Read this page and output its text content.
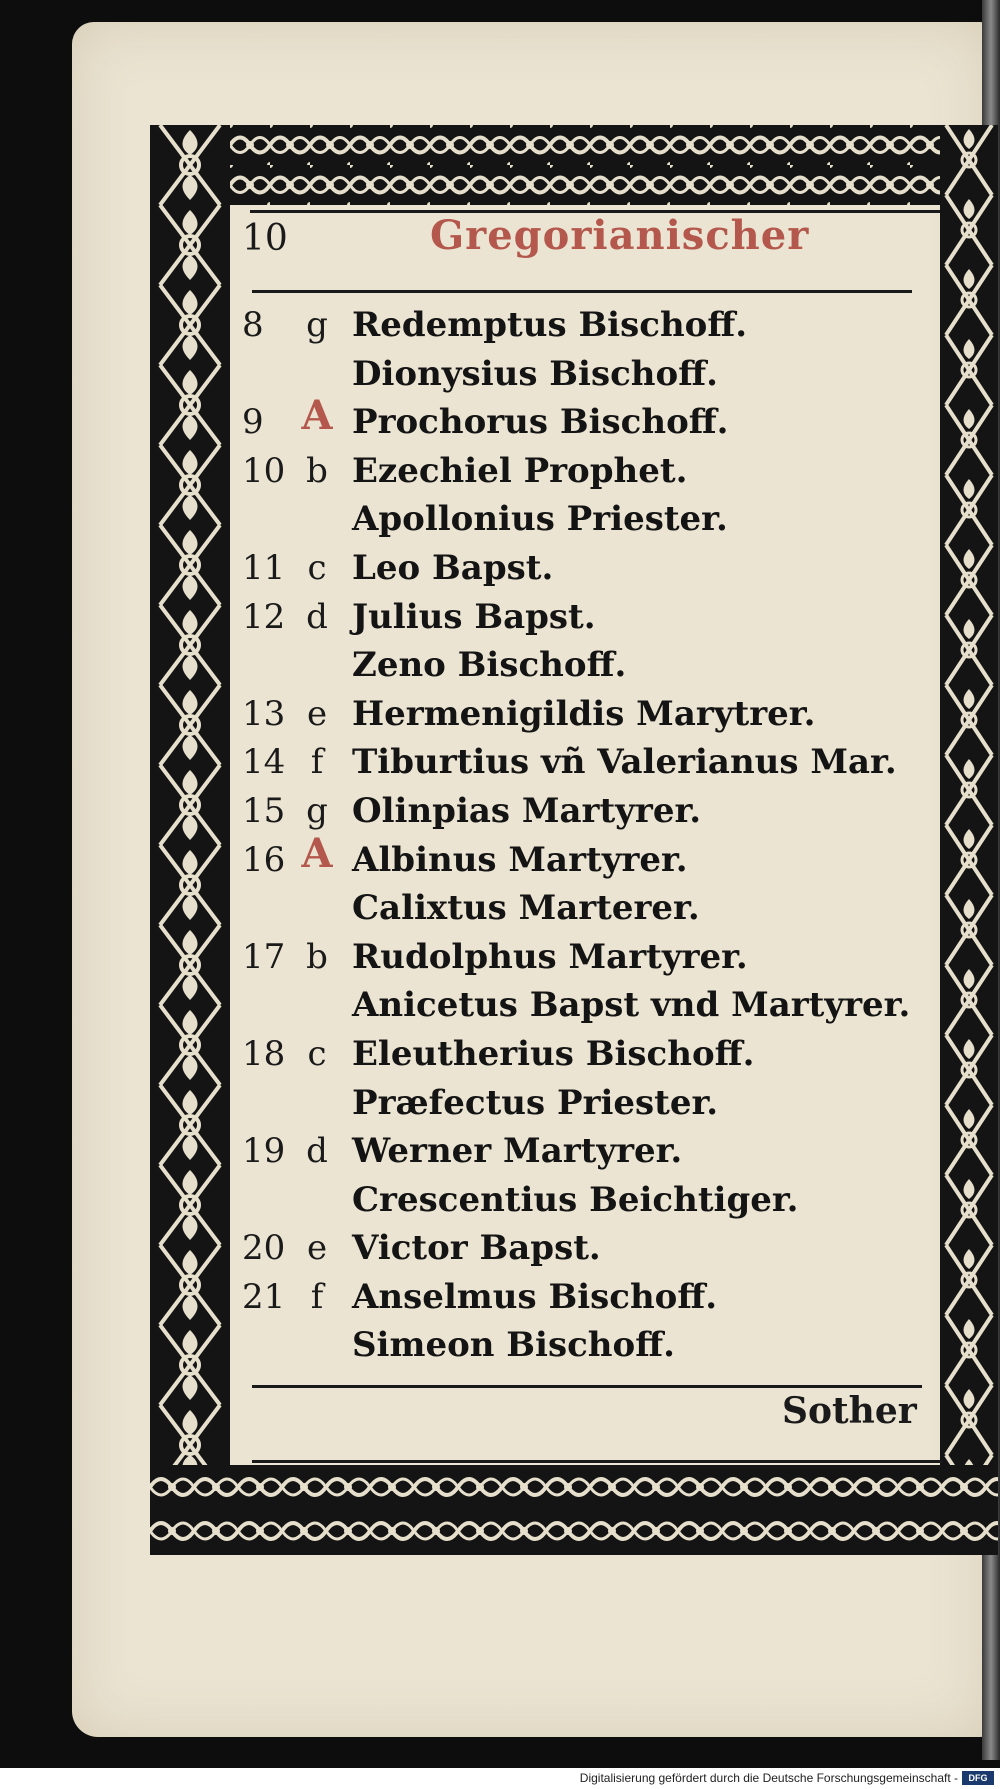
10	Gregorianischer
8	g Redemptus Bischoff.
Dionysius Bischoff.
9 A Prochorus Bischoff.
10 b Ezechiel Prophet.
Apollonius Priester.
11 c Leo Bapst.
12 d Julius Bapst.
Zeno Bischoff.
13 e Hermenigildis Marytrer.
14 f Tiburtius vñ Valerianus Mar.
15 g Olinpias Martyrer.
16 A Albinus Martyrer.
Calixtus Marterer.
17 b Rudolphus Martyrer.
Anicetus Bapst vnd Martyrer.
18 c Eleutherius Bischoff.
Præfectus Priester.
19 d Werner Martyrer.
Crescentius Beichtiger.
20 e Victor Bapst.
21 f Anselmus Bischoff.
Simeon Bischoff.
Sother
Digitalisierung gefördert durch die Deutsche Forschungsgemeinschaft -	DFG
